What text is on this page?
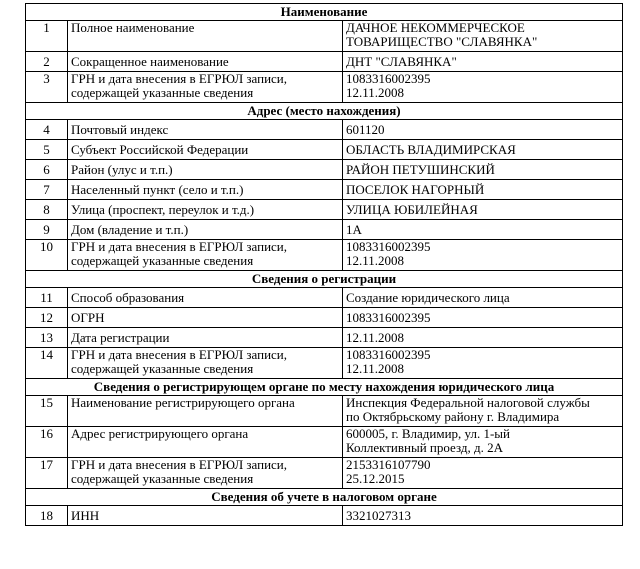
Наименование		
1	Полное наименование	ДАЧНОЕ НЕКОММЕРЧЕСКОЕ
ТОВАРИЩЕСТВО "СЛАВЯНКА"

2	Сокращенное наименование	ДНТ "СЛАВЯНКА"

3	ГРН и дата внесения в ЕГРЮЛ записи,
содержащей указанные сведения	1083316002395
12.11.2008

Адрес (место нахождения)		
4	Почтовый индекс	601120

5	Субъект Российской Федерации	ОБЛАСТЬ ВЛАДИМИРСКАЯ

6	Район (улус и т.п.)	РАЙОН ПЕТУШИНСКИЙ

7	Населенный пункт (село и т.п.)	ПОСЕЛОК НАГОРНЫЙ

8	Улица (проспект, переулок и т.д.)	УЛИЦА ЮБИЛЕЙНАЯ

9	Дом (владение и т.п.)	1А

10	ГРН и дата внесения в ЕГРЮЛ записи,
содержащей указанные сведения	1083316002395
12.11.2008

Сведения о регистрации		
11	Способ образования	Создание юридического лица

12	ОГРН	1083316002395

13	Дата регистрации	12.11.2008

14	ГРН и дата внесения в ЕГРЮЛ записи,
содержащей указанные сведения	1083316002395
12.11.2008

Сведения о регистрирующем органе по месту нахождения юридического лица		
15	Наименование регистрирующего органа	Инспекция Федеральной налоговой службы
по Октябрьскому району г. Владимира

16	Адрес регистрирующего органа	600005, г. Владимир, ул. 1-ый
Коллективный проезд, д. 2А

17	ГРН и дата внесения в ЕГРЮЛ записи,
содержащей указанные сведения	2153316107790
25.12.2015

Сведения об учете в налоговом органе		
18	ИНН	3321027313
